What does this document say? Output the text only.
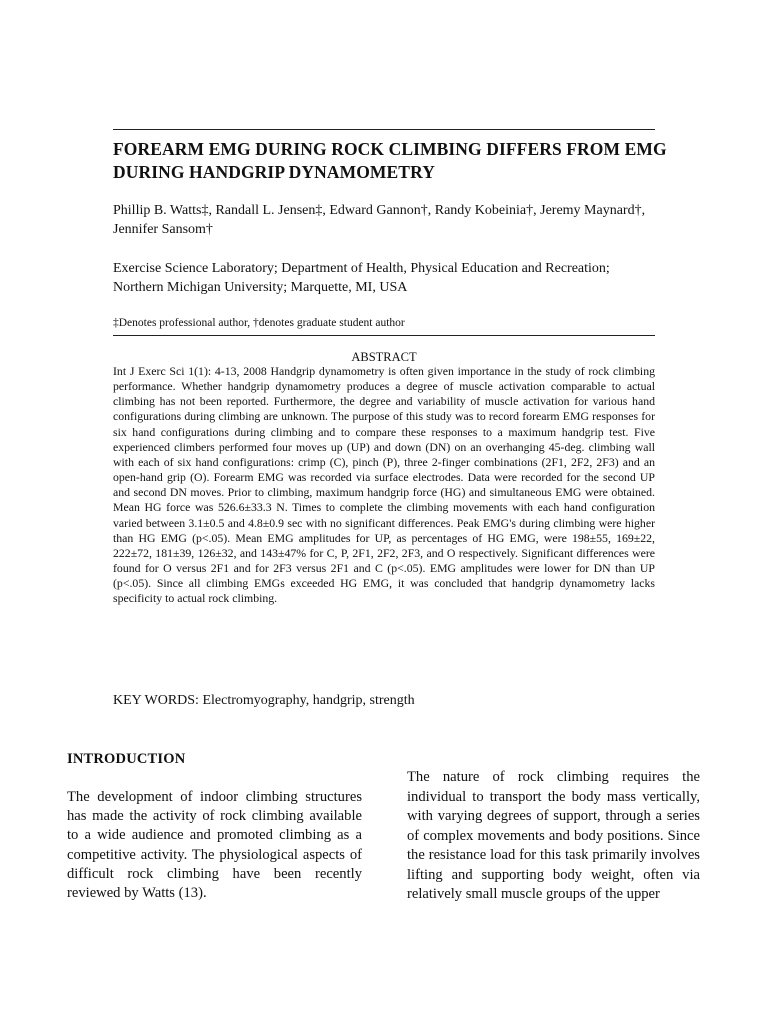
FOREARM EMG DURING ROCK CLIMBING DIFFERS FROM EMG DURING HANDGRIP DYNAMOMETRY
Phillip B. Watts‡, Randall L. Jensen‡, Edward Gannon†, Randy Kobeinia†, Jeremy Maynard†, Jennifer Sansom†
Exercise Science Laboratory; Department of Health, Physical Education and Recreation; Northern Michigan University; Marquette, MI, USA
‡Denotes professional author, †denotes graduate student author
ABSTRACT
Int J Exerc Sci 1(1): 4-13, 2008 Handgrip dynamometry is often given importance in the study of rock climbing performance. Whether handgrip dynamometry produces a degree of muscle activation comparable to actual climbing has not been reported. Furthermore, the degree and variability of muscle activation for various hand configurations during climbing are unknown. The purpose of this study was to record forearm EMG responses for six hand configurations during climbing and to compare these responses to a maximum handgrip test. Five experienced climbers performed four moves up (UP) and down (DN) on an overhanging 45-deg. climbing wall with each of six hand configurations: crimp (C), pinch (P), three 2-finger combinations (2F1, 2F2, 2F3) and an open-hand grip (O). Forearm EMG was recorded via surface electrodes. Data were recorded for the second UP and second DN moves. Prior to climbing, maximum handgrip force (HG) and simultaneous EMG were obtained. Mean HG force was 526.6±33.3 N. Times to complete the climbing movements with each hand configuration varied between 3.1±0.5 and 4.8±0.9 sec with no significant differences. Peak EMG's during climbing were higher than HG EMG (p<.05). Mean EMG amplitudes for UP, as percentages of HG EMG, were 198±55, 169±22, 222±72, 181±39, 126±32, and 143±47% for C, P, 2F1, 2F2, 2F3, and O respectively. Significant differences were found for O versus 2F1 and for 2F3 versus 2F1 and C (p<.05). EMG amplitudes were lower for DN than UP (p<.05). Since all climbing EMGs exceeded HG EMG, it was concluded that handgrip dynamometry lacks specificity to actual rock climbing.
KEY WORDS: Electromyography, handgrip, strength
INTRODUCTION
The development of indoor climbing structures has made the activity of rock climbing available to a wide audience and promoted climbing as a competitive activity. The physiological aspects of difficult rock climbing have been recently reviewed by Watts (13).
The nature of rock climbing requires the individual to transport the body mass vertically, with varying degrees of support, through a series of complex movements and body positions. Since the resistance load for this task primarily involves lifting and supporting body weight, often via relatively small muscle groups of the upper
